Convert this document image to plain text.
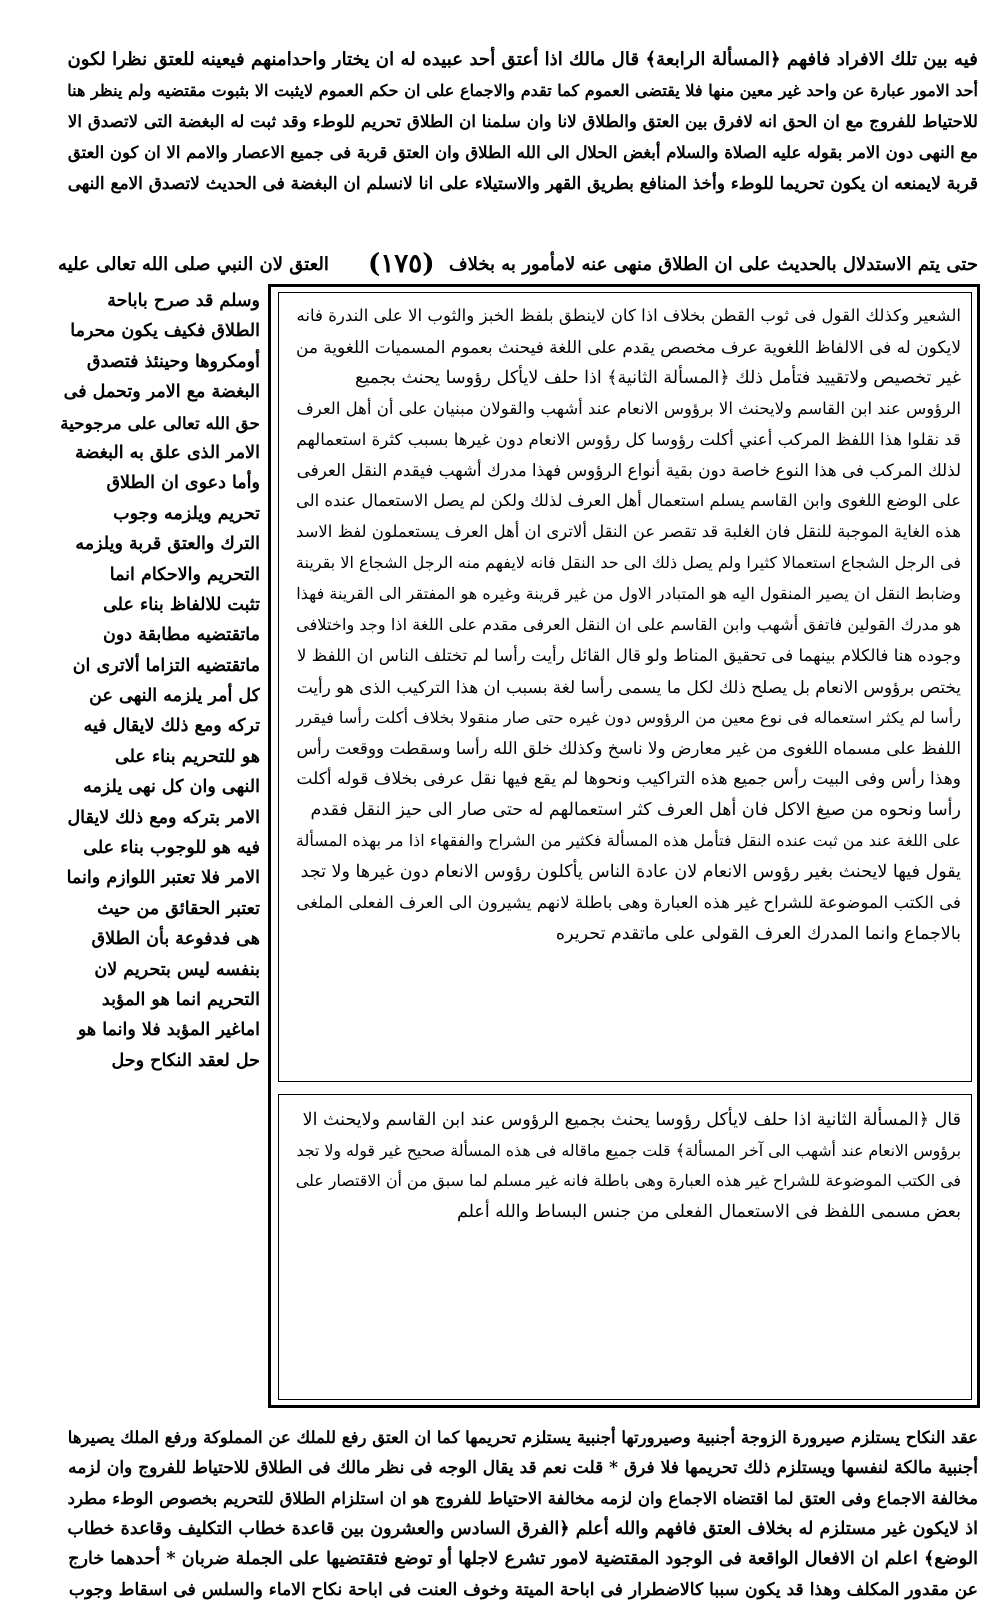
فيه بين تلك الافراد فافهم ﴿المسألة الرابعة﴾ قال مالك اذا أعتق أحد عبيده له ان يختار واحدامنهم فيعينه للعتق نظرا لكون
أحد الامور عبارة عن واحد غير معين منها فلا يقتضى العموم كما تقدم والاجماع على ان حكم العموم لايثبت الا بثبوت مقتضيه ولم ينظر هنا
للاحتياط للفروج مع ان الحق انه لافرق بين العتق والطلاق لانا وان سلمنا ان الطلاق تحريم للوطء وقد ثبت له البغضة التى لاتصدق الا
مع النهى دون الامر بقوله عليه الصلاة والسلام أبغض الحلال الى الله الطلاق وان العتق قربة فى جميع الاعصار والامم الا ان كون العتق
قربة لايمنعه ان يكون تحريما للوطء وأخذ المنافع بطريق القهر والاستيلاء على انا لانسلم ان البغضة فى الحديث لاتصدق الامع النهى
حتى يتم الاستدلال بالحديث على ان الطلاق منهى عنه لامأمور به بخلاف
(١٧٥)
العتق لان النبي صلى الله تعالى عليه
الشعير وكذلك القول فى ثوب القطن بخلاف اذا كان لاينطق بلفظ الخبز والثوب الا على الندرة فانه
لايكون له فى الالفاظ اللغوية عرف مخصص يقدم على اللغة فيحنث بعموم المسميات اللغوية من
غير تخصيص ولاتقييد فتأمل ذلك ﴿المسألة الثانية﴾ اذا حلف لايأكل رؤوسا يحنث بجميع
الرؤوس عند ابن القاسم ولايحنث الا برؤوس الانعام عند أشهب والقولان مبنيان على أن أهل العرف
قد نقلوا هذا اللفظ المركب أعني أكلت رؤوسا كل رؤوس الانعام دون غيرها بسبب كثرة استعمالهم
لذلك المركب فى هذا النوع خاصة دون بقية أنواع الرؤوس فهذا مدرك أشهب فيقدم النقل العرفى
على الوضع اللغوى وابن القاسم يسلم استعمال أهل العرف لذلك ولكن لم يصل الاستعمال عنده الى
هذه الغاية الموجبة للنقل فان الغلبة قد تقصر عن النقل ألاترى ان أهل العرف يستعملون لفظ الاسد
فى الرجل الشجاع استعمالا كثيرا ولم يصل ذلك الى حد النقل فانه لايفهم منه الرجل الشجاع الا بقرينة
وضابط النقل ان يصير المنقول اليه هو المتبادر الاول من غير قرينة وغيره هو المفتقر الى القرينة فهذا
هو مدرك القولين فاتفق أشهب وابن القاسم على ان النقل العرفى مقدم على اللغة اذا وجد واختلافى
وجوده هنا فالكلام بينهما فى تحقيق المناط ولو قال القائل رأيت رأسا لم تختلف الناس ان اللفظ لا
يختص برؤوس الانعام بل يصلح ذلك لكل ما يسمى رأسا لغة بسبب ان هذا التركيب الذى هو رأيت
رأسا لم يكثر استعماله فى نوع معين من الرؤوس دون غيره حتى صار منقولا بخلاف أكلت رأسا فيقرر
اللفظ على مسماه اللغوى من غير معارض ولا ناسخ وكذلك خلق الله رأسا وسقطت ووقعت رأس
وهذا رأس وفى البيت رأس جميع هذه التراكيب ونحوها لم يقع فيها نقل عرفى بخلاف قوله أكلت
رأسا ونحوه من صيغ الاكل فان أهل العرف كثر استعمالهم له حتى صار الى حيز النقل فقدم
على اللغة عند من ثبت عنده النقل فتأمل هذه المسألة فكثير من الشراح والفقهاء اذا مر بهذه المسألة
يقول فيها لايحنث بغير رؤوس الانعام لان عادة الناس يأكلون رؤوس الانعام دون غيرها ولا تجد
فى الكتب الموضوعة للشراح غير هذه العبارة وهى باطلة لانهم يشيرون الى العرف الفعلى الملغى
بالاجماع وانما المدرك العرف القولى على ماتقدم تحريره
قال ﴿المسألة الثانية اذا حلف لايأكل رؤوسا يحنث بجميع الرؤوس عند ابن القاسم ولايحنث الا
برؤوس الانعام عند أشهب الى آخر المسألة﴾ قلت جميع ماقاله فى هذه المسألة صحيح غير قوله ولا تجد
فى الكتب الموضوعة للشراح غير هذه العبارة وهى باطلة فانه غير مسلم لما سبق من أن الاقتصار على
بعض مسمى اللفظ فى الاستعمال الفعلى من جنس البساط والله أعلم
وسلم قد صرح باباحة
الطلاق فكيف يكون محرما
أومكروها وحينئذ فتصدق
البغضة مع الامر وتحمل فى
حق الله تعالى على مرجوحية
الامر الذى علق به البغضة
وأما دعوى ان الطلاق
تحريم ويلزمه وجوب
الترك والعتق قربة ويلزمه
التحريم والاحكام انما
تثبت للالفاظ بناء على
ماتقتضيه مطابقة دون
ماتقتضيه التزاما ألاترى ان
كل أمر يلزمه النهى عن
تركه ومع ذلك لايقال فيه
هو للتحريم بناء على
النهى وان كل نهى يلزمه
الامر بتركه ومع ذلك لايقال
فيه هو للوجوب بناء على
الامر فلا تعتبر اللوازم وانما
تعتبر الحقائق من حيث
هى فدفوعة بأن الطلاق
بنفسه ليس بتحريم لان
التحريم انما هو المؤبد
اماغير المؤبد فلا وانما هو
حل لعقد النكاح وحل
عقد النكاح يستلزم صيرورة الزوجة أجنبية وصيرورتها أجنبية يستلزم تحريمها كما ان العتق رفع للملك عن المملوكة ورفع الملك يصيرها
أجنبية مالكة لنفسها ويستلزم ذلك تحريمها فلا فرق * قلت نعم قد يقال الوجه فى نظر مالك فى الطلاق للاحتياط للفروج وان لزمه
مخالفة الاجماع وفى العتق لما اقتضاه الاجماع وان لزمه مخالفة الاحتياط للفروج هو ان استلزام الطلاق للتحريم بخصوص الوطء مطرد
اذ لايكون غير مستلزم له بخلاف العتق فافهم والله أعلم ﴿الفرق السادس والعشرون بين قاعدة خطاب التكليف وقاعدة خطاب
الوضع﴾ اعلم ان الافعال الواقعة فى الوجود المقتضية لامور تشرع لاجلها أو توضع فتقتضيها على الجملة ضربان * أحدهما خارج
عن مقدور المكلف وهذا قد يكون سببا كالاضطرار فى اباحة الميتة وخوف العنت فى اباحة نكاح الاماء والسلس فى اسقاط وجوب
